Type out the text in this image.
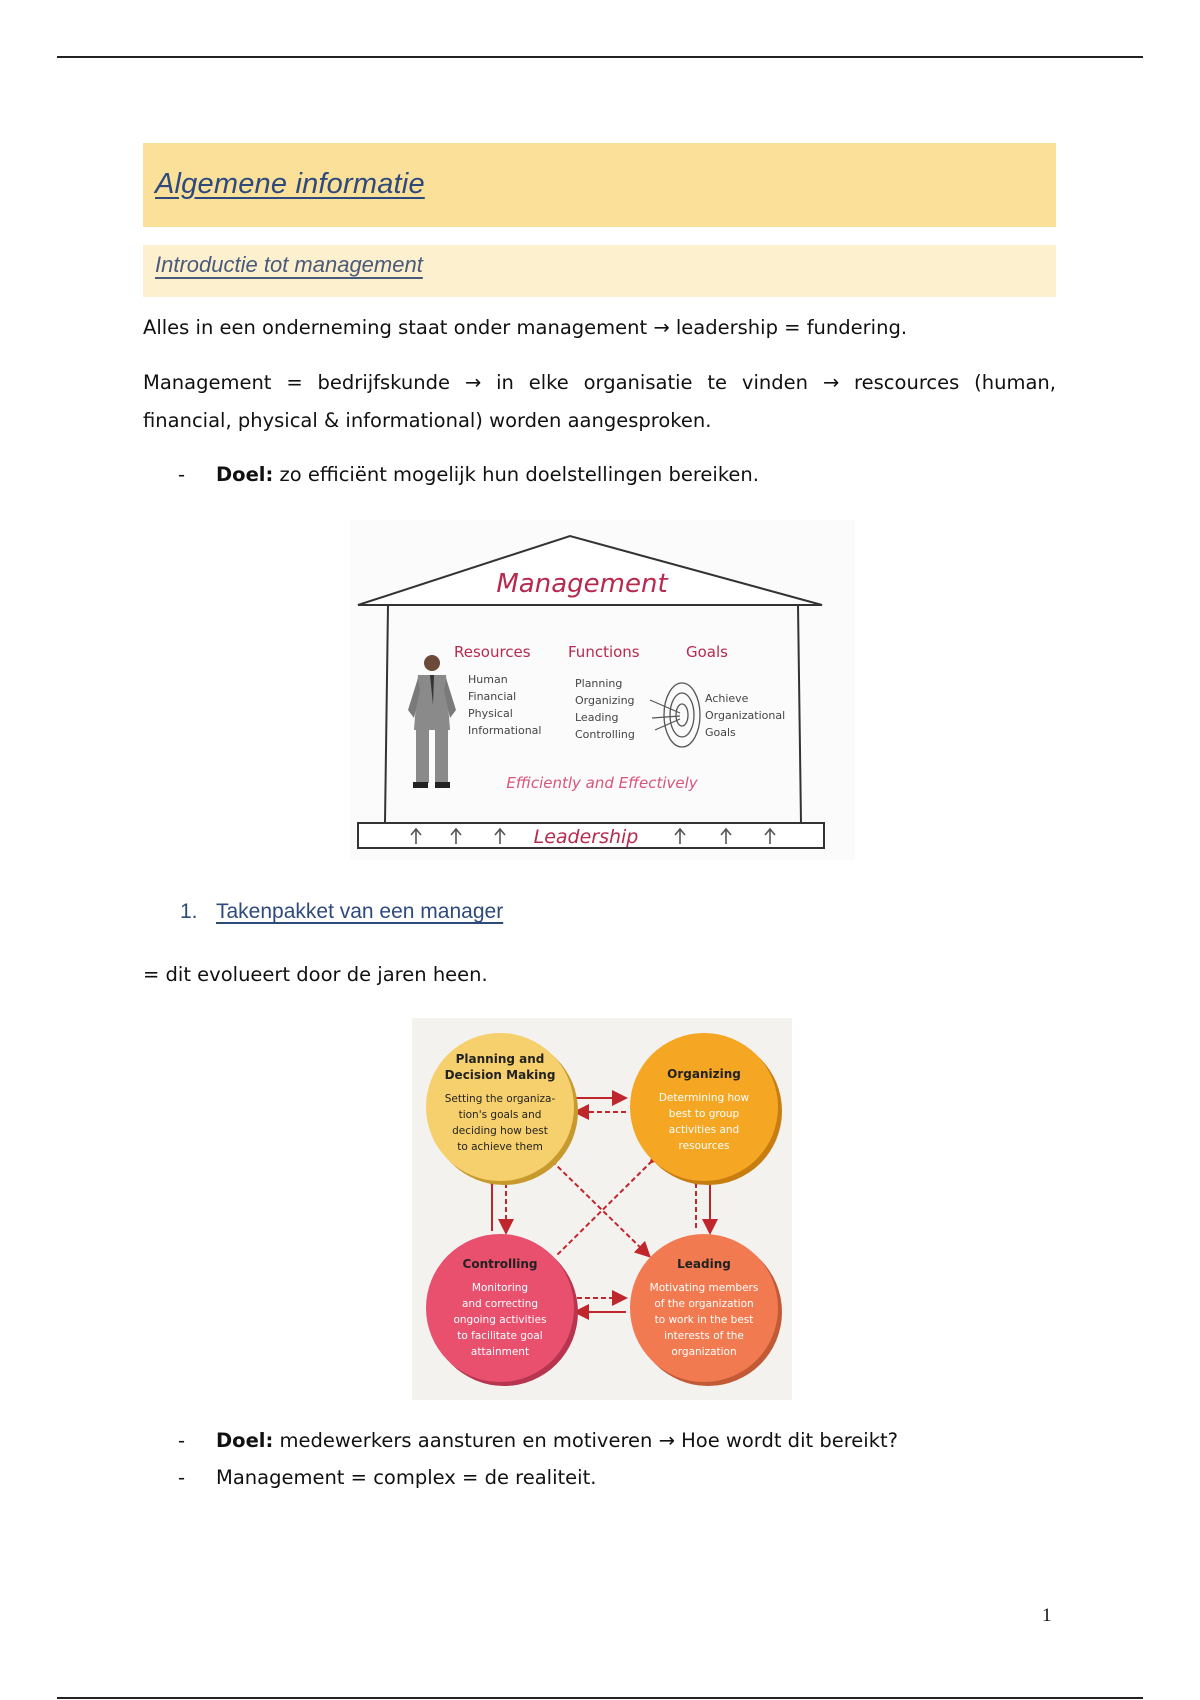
Algemene informatie
Introductie tot management
Alles in een onderneming staat onder management → leadership = fundering.
Management = bedrijfskunde → in elke organisatie te vinden → rescources (human,
financial, physical & informational) worden aangesproken.
- Doel: zo efficiënt mogelijk hun doelstellingen bereiken.
Management
Resources Functions	Goals
Human
Financial
Physical
Informational
Planning
Organizing
Leading
Controlling
Achieve
Organizational
Goals
Efficiently and Effectively
Leadership
1. Takenpakket van een manager
= dit evolueert door de jaren heen.
Planning and
Decision Making
Setting the organiza-
tion's goals and
deciding how best
to achieve them
Organizing
Determining how
best to group
activities and
resources
Controlling
Monitoring
and correcting
ongoing activities
to facilitate goal
attainment
Leading
Motivating members
of the organization
to work in the best
interests of the
organization
- Doel: medewerkers aansturen en motiveren → Hoe wordt dit bereikt?
- Management = complex = de realiteit.
1
